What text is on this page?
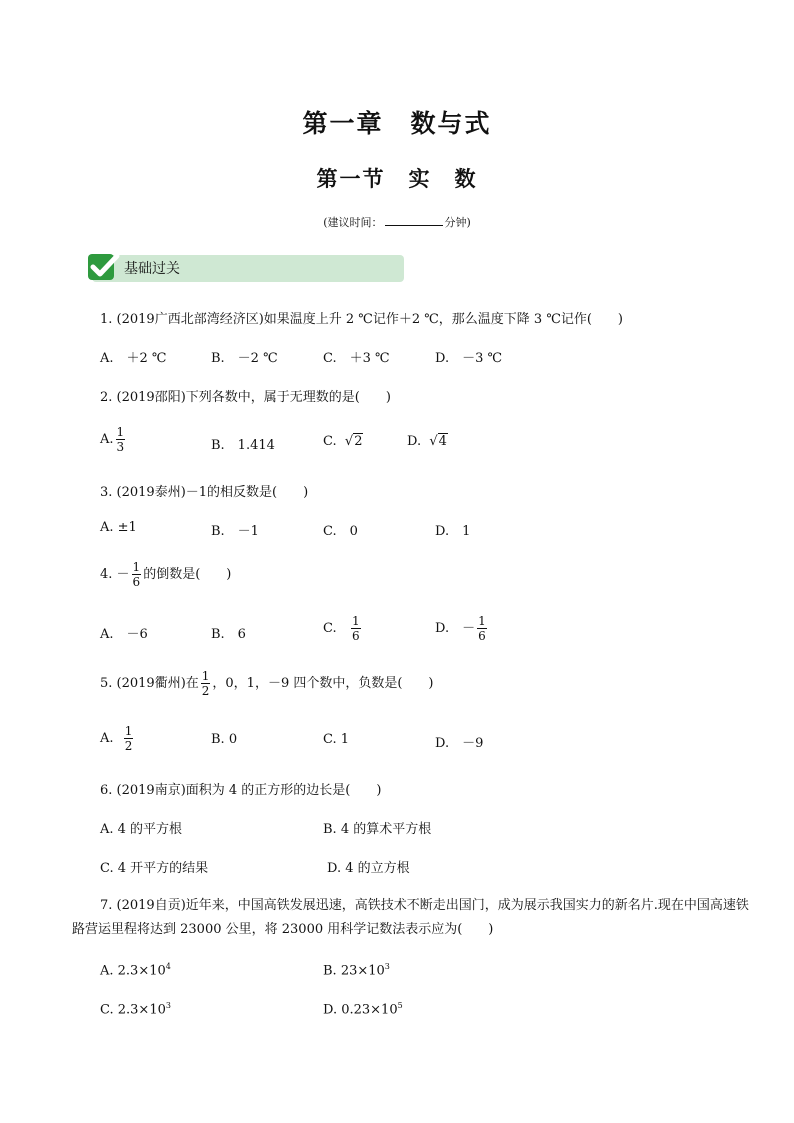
第一章　数与式
第一节　实　数
(建议时间：	分钟)
基础过关
1. (2019广西北部湾经济区)如果温度上升 2 ℃记作＋2 ℃，那么温度下降 3 ℃记作(　　)
A.　＋2 ℃	B.　－2 ℃	C.　＋3 ℃	D.　－3 ℃
2. (2019邵阳)下列各数中，属于无理数的是(　　)
A. $\frac{1}{3}$	B.　1.414	C. √2	D. √4
3. (2019泰州)－1的相反数是(　　)
A. ±1	B.　－1	C.　0	D.　1
4. － $\frac{1}{6}$ 的倒数是(　　)
A.　－6	B.　6	C. $\frac{1}{6}$	D.　－ $\frac{1}{6}$
5. (2019衢州)在 $\frac{1}{2}$ ，0，1，－9 四个数中，负数是(　　)
A. $\frac{1}{2}$	B. 0	C. 1	D.　－9
6. (2019南京)面积为 4 的正方形的边长是(　　)
A. 4 的平方根	B. 4 的算术平方根
C. 4 开平方的结果	D. 4 的立方根
7. (2019自贡)近年来，中国高铁发展迅速，高铁技术不断走出国门，成为展示我国实力的新名片.现在中国高速铁路营运里程将达到 23000 公里，将 23000 用科学记数法表示应为(　　)
A. $2.3\times 10^4$	B. $23\times 10^3$
C. $2.3\times 10^3$	D. $0.23\times 10^5$
